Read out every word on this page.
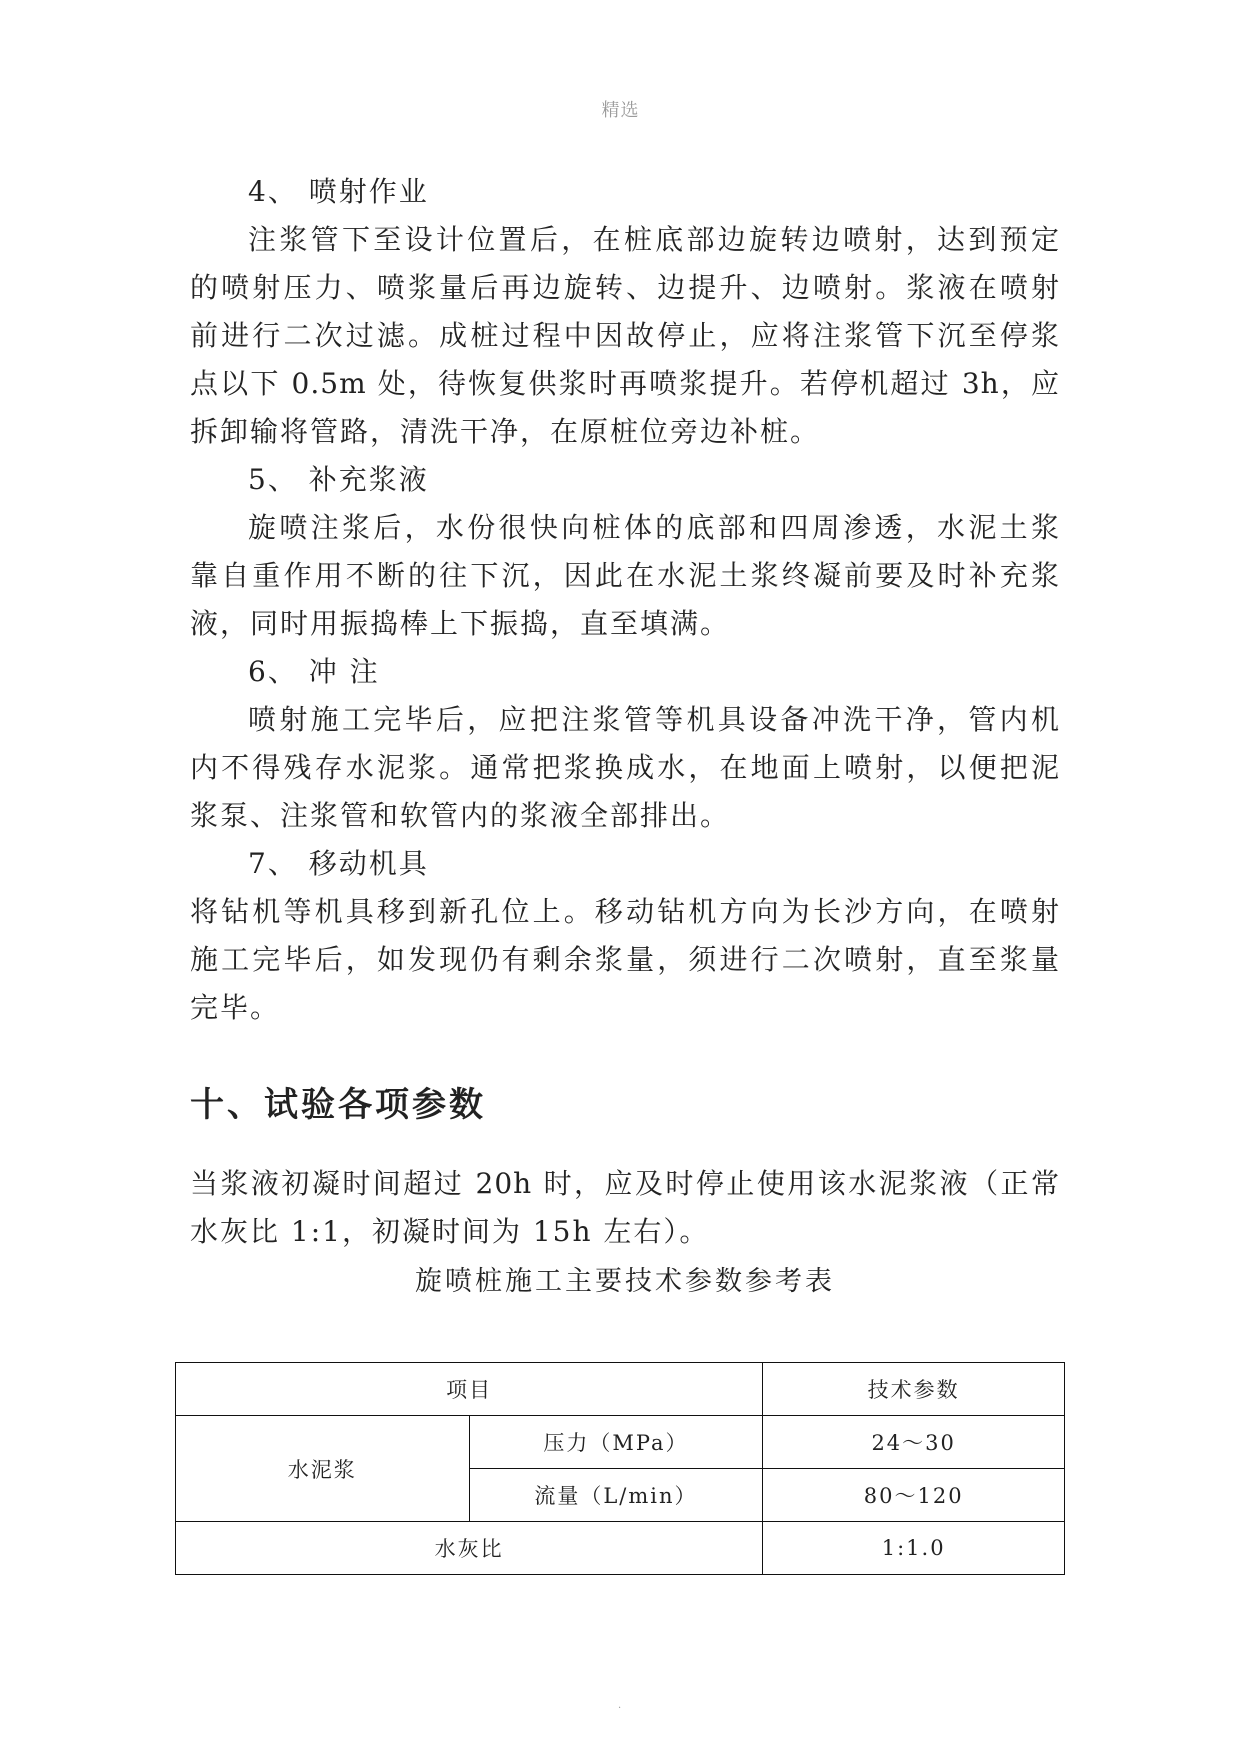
精选
4、 喷射作业
注浆管下至设计位置后，在桩底部边旋转边喷射，达到预定
的喷射压力、喷浆量后再边旋转、边提升、边喷射。浆液在喷射
前进行二次过滤。成桩过程中因故停止，应将注浆管下沉至停浆
点以下 0.5m 处，待恢复供浆时再喷浆提升。若停机超过 3h，应
拆卸输将管路，清洗干净，在原桩位旁边补桩。
5、 补充浆液
旋喷注浆后，水份很快向桩体的底部和四周渗透，水泥土浆
靠自重作用不断的往下沉，因此在水泥土浆终凝前要及时补充浆
液，同时用振捣棒上下振捣，直至填满。
6、 冲 注
喷射施工完毕后，应把注浆管等机具设备冲洗干净，管内机
内不得残存水泥浆。通常把浆换成水，在地面上喷射，以便把泥
浆泵、注浆管和软管内的浆液全部排出。
7、 移动机具
将钻机等机具移到新孔位上。移动钻机方向为长沙方向，在喷射
施工完毕后，如发现仍有剩余浆量，须进行二次喷射，直至浆量
完毕。
十、试验各项参数
当浆液初凝时间超过 20h 时，应及时停止使用该水泥浆液（正常
水灰比 1:1，初凝时间为 15h 左右）。
旋喷桩施工主要技术参数参考表
项目		技术参数
水泥浆	压力（MPa）	24～30
	流量（L/min）	80～120
水灰比		1:1.0
.
